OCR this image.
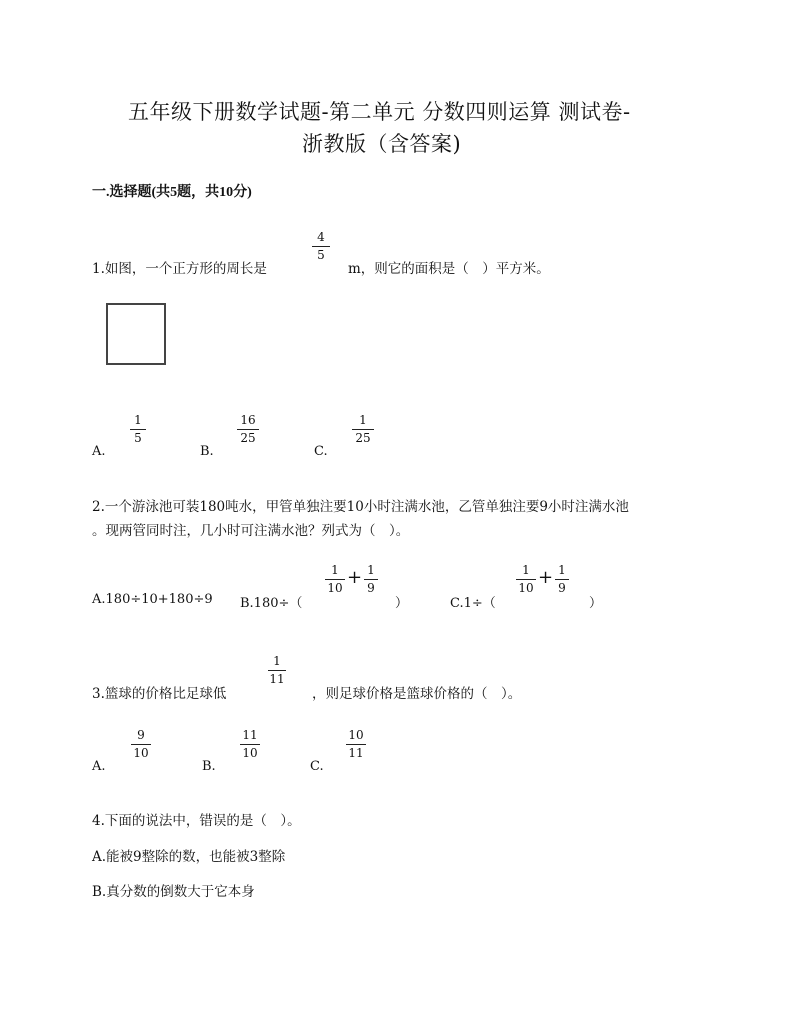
五年级下册数学试题-第二单元 分数四则运算 测试卷-
浙教版（含答案)
一.选择题(共5题，共10分)
1.如图，一个正方形的周长是
4
5
m，则它的面积是（　）平方米。
A.
1
5
B.
16
25
C.
1
25
2.一个游泳池可装180吨水，甲管单独注要10小时注满水池，乙管单独注要9小时注满水池
。现两管同时注，几小时可注满水池？列式为（　）。
A.180÷10+180÷9 B.180÷（
1
10 + 1
9
）	C.1÷（
1
10 + 1
9
）
3.篮球的价格比足球低
1
11
，则足球价格是篮球价格的（　）。
A.
9
10
B.
11
10
C.
10
11
4.下面的说法中，错误的是（　）。
A.能被9整除的数，也能被3整除
B.真分数的倒数大于它本身
